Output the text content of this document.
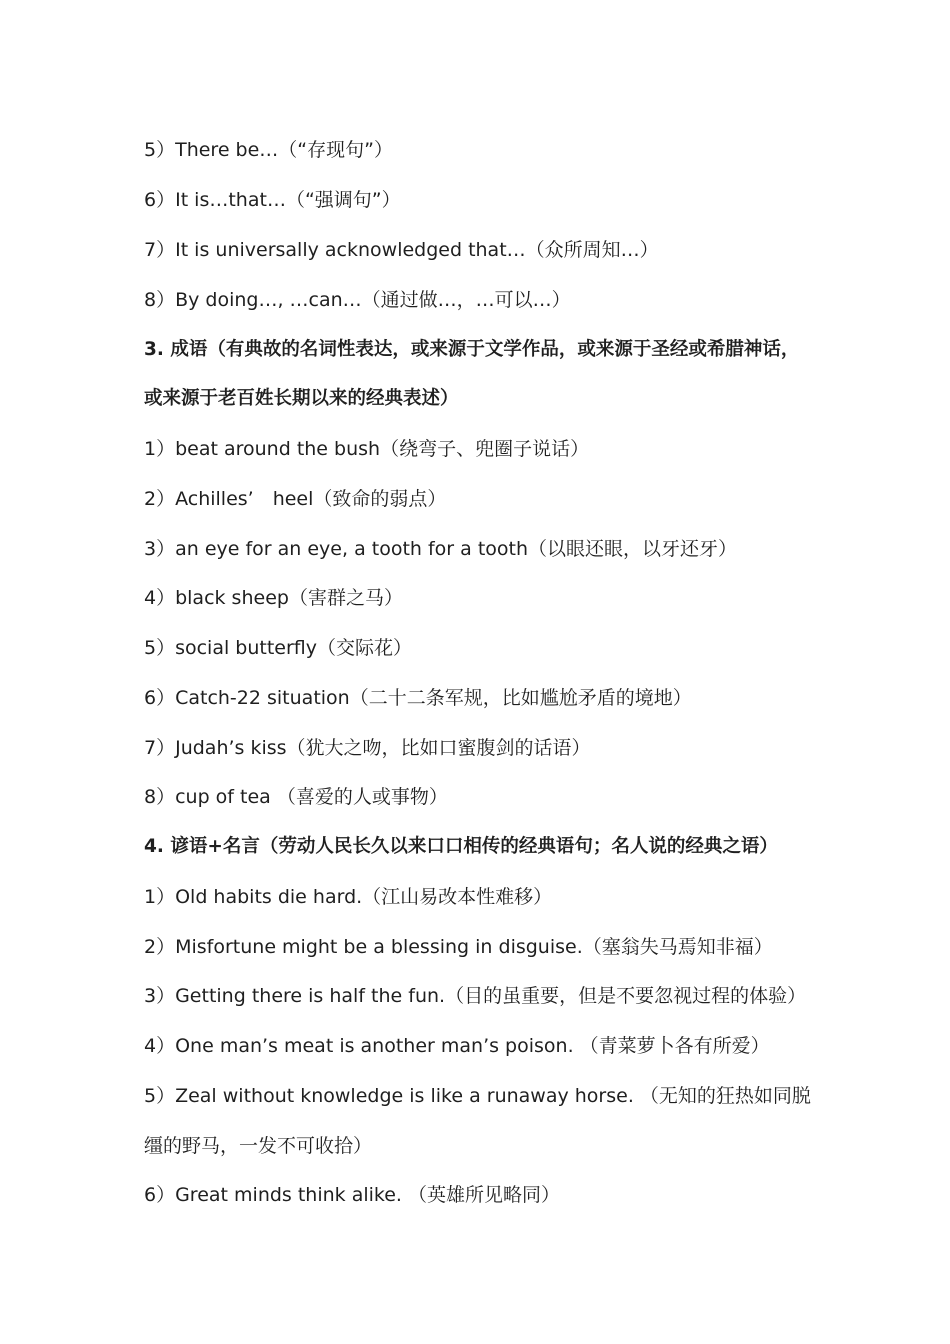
5）There be…（“存现句”）
6）It is…that…（“强调句”）
7）It is universally acknowledged that…（众所周知…）
8）By doing…, …can…（通过做…，…可以…）
3. 成语（有典故的名词性表达，或来源于文学作品，或来源于圣经或希腊神话，
或来源于老百姓长期以来的经典表述）
1）beat around the bush（绕弯子、兜圈子说话）
2）Achilles’　heel（致命的弱点）
3）an eye for an eye, a tooth for a tooth（以眼还眼，以牙还牙）
4）black sheep（害群之马）
5）social butterfly（交际花）
6）Catch-22 situation（二十二条军规，比如尴尬矛盾的境地）
7）Judah’s kiss（犹大之吻，比如口蜜腹剑的话语）
8）cup of tea （喜爱的人或事物）
4. 谚语+名言（劳动人民长久以来口口相传的经典语句；名人说的经典之语）
1）Old habits die hard.（江山易改本性难移）
2）Misfortune might be a blessing in disguise.（塞翁失马焉知非福）
3）Getting there is half the fun.（目的虽重要，但是不要忽视过程的体验）
4）One man’s meat is another man’s poison. （青菜萝卜各有所爱）
5）Zeal without knowledge is like a runaway horse. （无知的狂热如同脱
缰的野马，一发不可收拾）
6）Great minds think alike. （英雄所见略同）
